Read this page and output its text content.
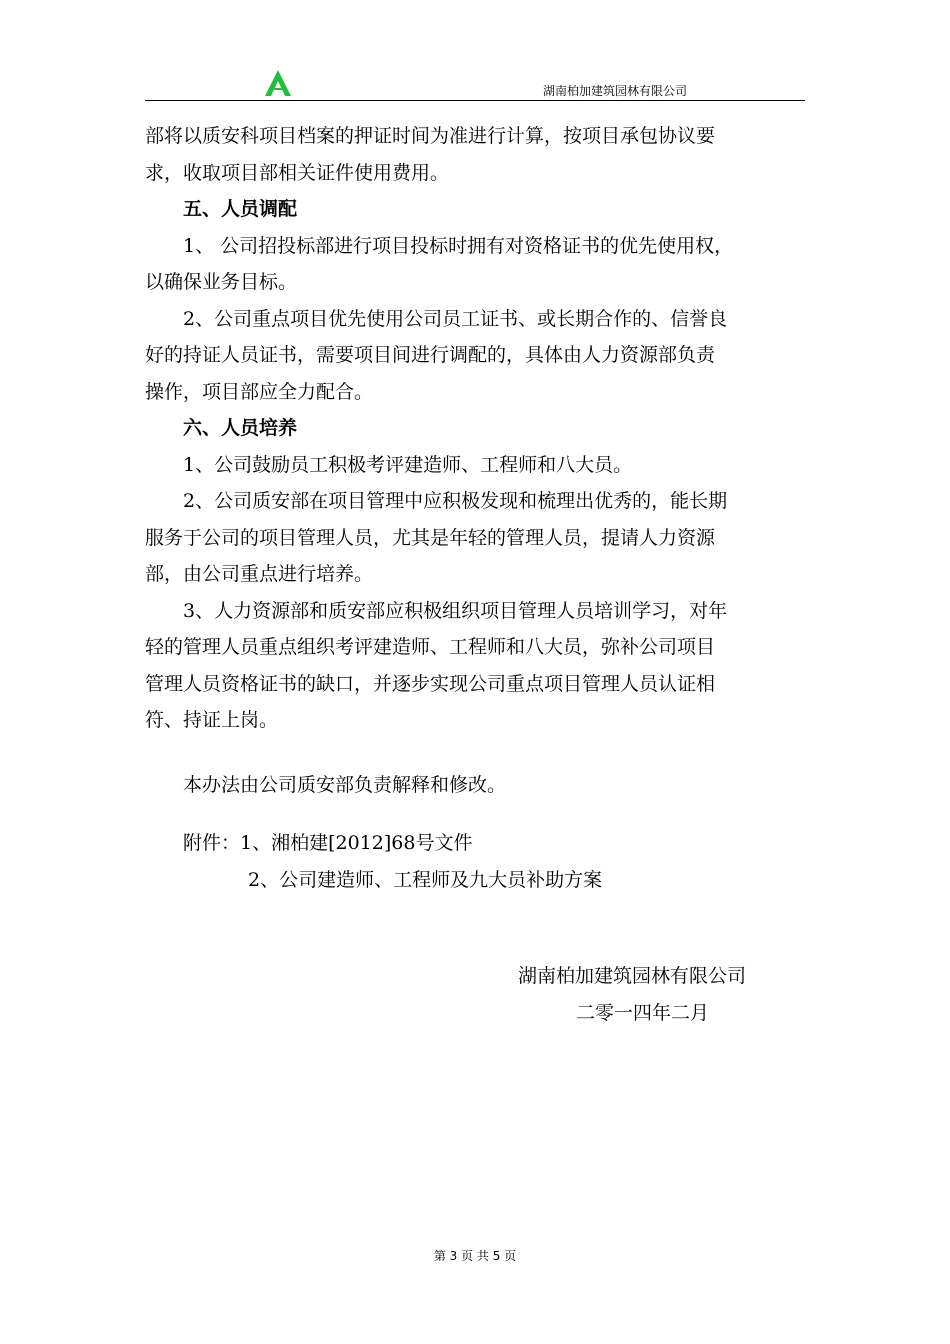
湖南柏加建筑园林有限公司
部将以质安科项目档案的押证时间为准进行计算，按项目承包协议要
求，收取项目部相关证件使用费用。
五、人员调配
1、 公司招投标部进行项目投标时拥有对资格证书的优先使用权，
以确保业务目标。
2、公司重点项目优先使用公司员工证书、或长期合作的、信誉良
好的持证人员证书，需要项目间进行调配的，具体由人力资源部负责
操作，项目部应全力配合。
六、人员培养
1、公司鼓励员工积极考评建造师、工程师和八大员。
2、公司质安部在项目管理中应积极发现和梳理出优秀的，能长期
服务于公司的项目管理人员，尤其是年轻的管理人员，提请人力资源
部，由公司重点进行培养。
3、人力资源部和质安部应积极组织项目管理人员培训学习，对年
轻的管理人员重点组织考评建造师、工程师和八大员，弥补公司项目
管理人员资格证书的缺口，并逐步实现公司重点项目管理人员认证相
符、持证上岗。
本办法由公司质安部负责解释和修改。
附件：1、湘柏建[2012]68号文件
2、公司建造师、工程师及九大员补助方案
湖南柏加建筑园林有限公司
二零一四年二月
第 3 页 共 5 页
